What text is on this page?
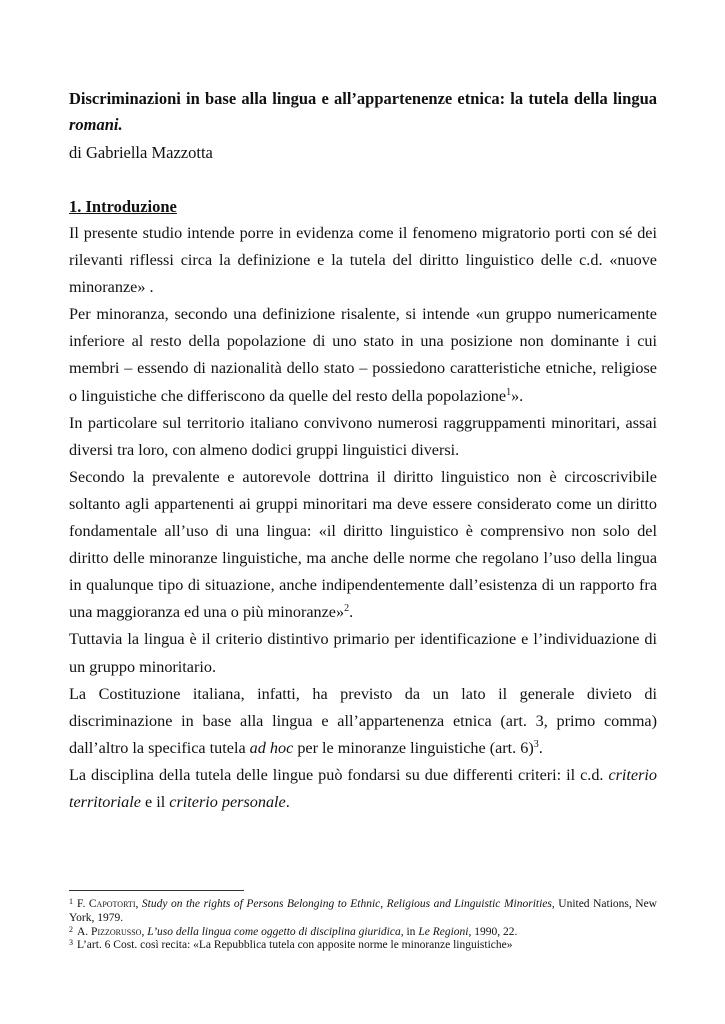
Discriminazioni in base alla lingua e all’appartenenze etnica: la tutela della lingua romani.
di Gabriella Mazzotta
1. Introduzione

Il presente studio intende porre in evidenza come il fenomeno migratorio porti con sé dei rilevanti riflessi circa la definizione e la tutela del diritto linguistico delle c.d. «nuove minoranze» .

Per minoranza, secondo una definizione risalente, si intende «un gruppo numericamente inferiore al resto della popolazione di uno stato in una posizione non dominante i cui membri – essendo di nazionalità dello stato – possiedono caratteristiche etniche, religiose o linguistiche che differiscono da quelle del resto della popolazione$^1$».

In particolare sul territorio italiano convivono numerosi raggruppamenti minoritari, assai diversi tra loro, con almeno dodici gruppi linguistici diversi.

Secondo la prevalente e autorevole dottrina il diritto linguistico non è circoscrivibile soltanto agli appartenenti ai gruppi minoritari ma deve essere considerato come un diritto fondamentale all’uso di una lingua: «il diritto linguistico è comprensivo non solo del diritto delle minoranze linguistiche, ma anche delle norme che regolano l’uso della lingua in qualunque tipo di situazione, anche indipendentemente dall’esistenza di un rapporto fra una maggioranza ed una o più minoranze»$^2$.

Tuttavia la lingua è il criterio distintivo primario per identificazione e l’individuazione di un gruppo minoritario.

La Costituzione italiana, infatti, ha previsto da un lato il generale divieto di discriminazione in base alla lingua e all’appartenenza etnica (art. 3, primo comma) dall’altro la specifica tutela ad hoc per le minoranze linguistiche (art. 6)$^3$.

La disciplina della tutela delle lingue può fondarsi su due differenti criteri: il c.d. criterio territoriale e il criterio personale.

$^1$ F. Capotorti, Study on the rights of Persons Belonging to Ethnic, Religious and Linguistic Minorities, United Nations, New York, 1979.

$^2$ A. Pizzorusso, L’uso della lingua come oggetto di disciplina giuridica, in Le Regioni, 1990, 22.

$^3$ L’art. 6 Cost. così recita: «La Repubblica tutela con apposite norme le minoranze linguistiche»
